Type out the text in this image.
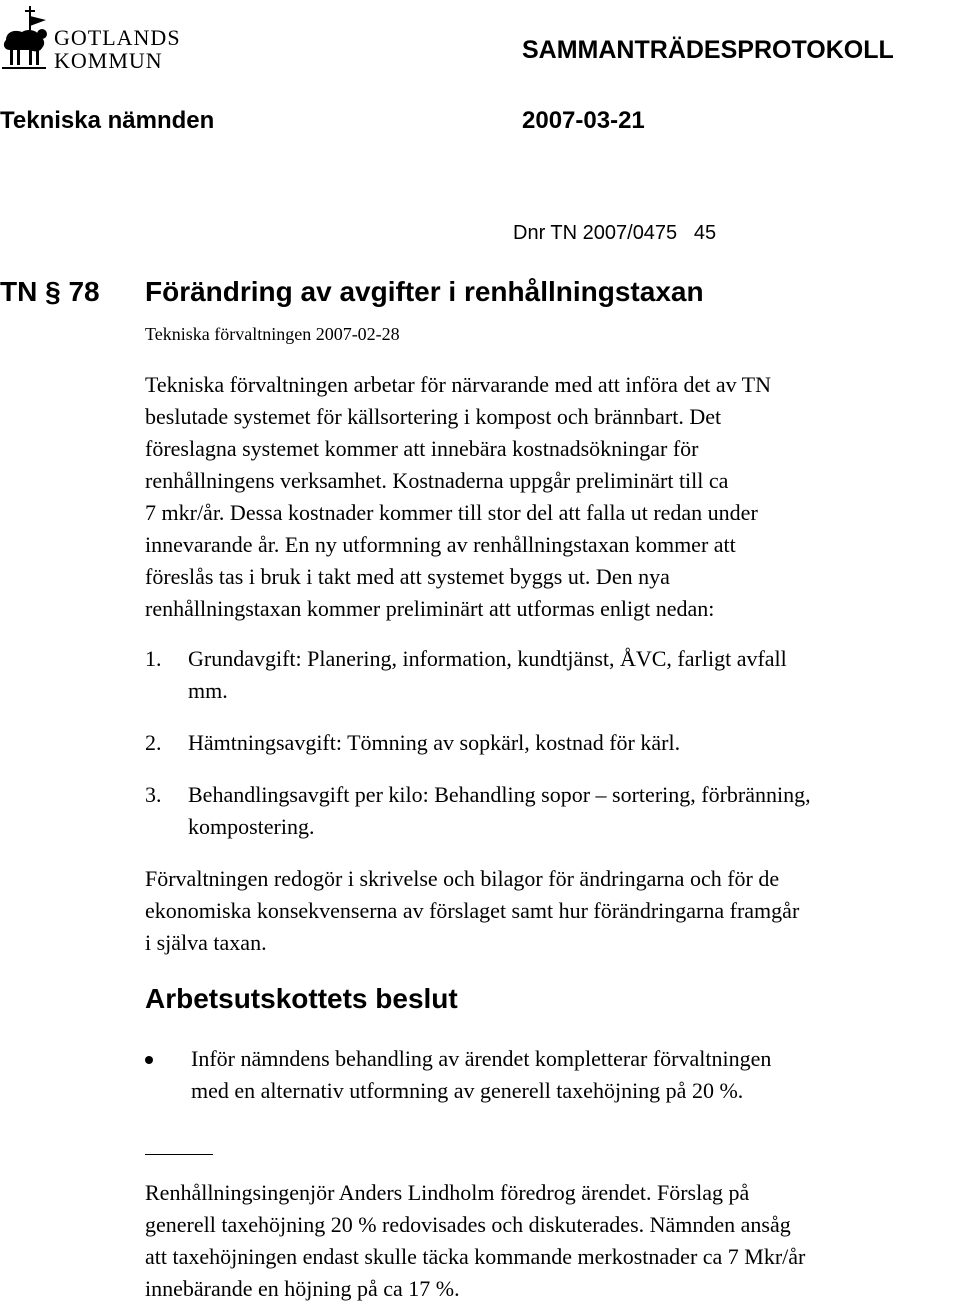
GOTLANDS
KOMMUN	SAMMANTRÄDESPROTOKOLL

Tekniska nämnden	2007-03-21

Dnr TN 2007/0475   45

TN § 78 Förändring av avgifter i renhållningstaxan

Tekniska förvaltningen 2007-02-28

Tekniska förvaltningen arbetar för närvarande med att införa det av TN
beslutade systemet för källsortering i kompost och brännbart. Det
föreslagna systemet kommer att innebära kostnadsökningar för
renhållningens verksamhet. Kostnaderna uppgår preliminärt till ca
7 mkr/år. Dessa kostnader kommer till stor del att falla ut redan under
innevarande år. En ny utformning av renhållningstaxan kommer att
föreslås tas i bruk i takt med att systemet byggs ut. Den nya
renhållningstaxan kommer preliminärt att utformas enligt nedan:
1. Grundavgift: Planering, information, kundtjänst, ÅVC, farligt avfall
mm.
2. Hämtningsavgift: Tömning av sopkärl, kostnad för kärl.
3. Behandlingsavgift per kilo: Behandling sopor – sortering, förbränning,
kompostering.
Förvaltningen redogör i skrivelse och bilagor för ändringarna och för de
ekonomiska konsekvenserna av förslaget samt hur förändringarna framgår
i själva taxan.

Arbetsutskottets beslut

Inför nämndens behandling av ärendet kompletterar förvaltningen
med en alternativ utformning av generell taxehöjning på 20 %.
Renhållningsingenjör Anders Lindholm föredrog ärendet. Förslag på
generell taxehöjning 20 % redovisades och diskuterades. Nämnden ansåg
att taxehöjningen endast skulle täcka kommande merkostnader ca 7 Mkr/år
innebärande en höjning på ca 17 %.
